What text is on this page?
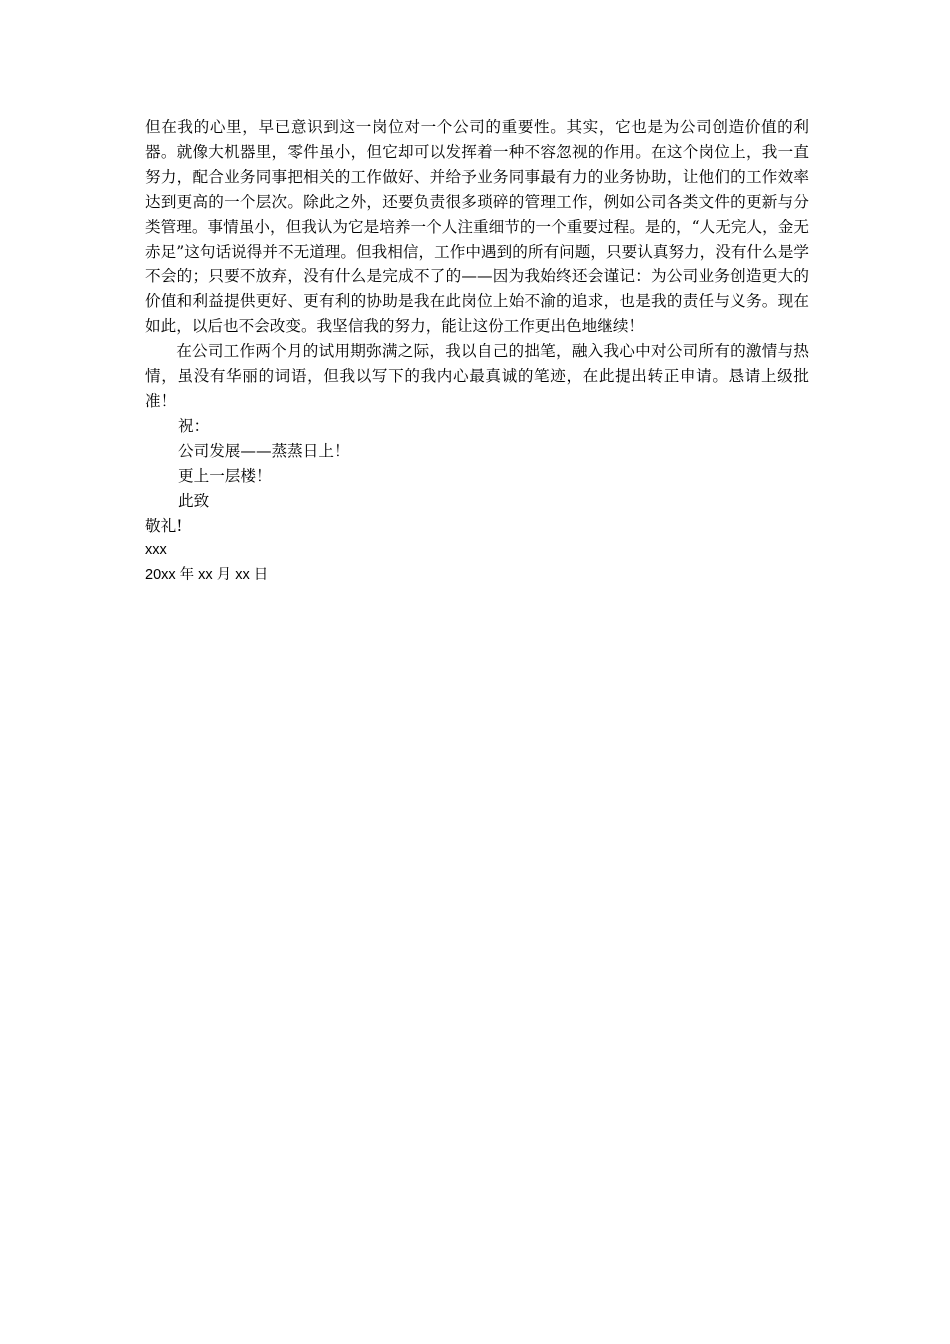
但在我的心里，早已意识到这一岗位对一个公司的重要性。其实，它也是为公司创造价值的利器。就像大机器里，零件虽小，但它却可以发挥着一种不容忽视的作用。在这个岗位上，我一直努力，配合业务同事把相关的工作做好、并给予业务同事最有力的业务协助，让他们的工作效率达到更高的一个层次。除此之外，还要负责很多琐碎的管理工作，例如公司各类文件的更新与分类管理。事情虽小，但我认为它是培养一个人注重细节的一个重要过程。是的，“人无完人，金无赤足”这句话说得并不无道理。但我相信，工作中遇到的所有问题，只要认真努力，没有什么是学不会的；只要不放弃，没有什么是完成不了的——因为我始终还会谨记：为公司业务创造更大的价值和利益提供更好、更有利的协助是我在此岗位上始不渝的追求，也是我的责任与义务。现在如此，以后也不会改变。我坚信我的努力，能让这份工作更出色地继续！

在公司工作两个月的试用期弥满之际，我以自己的拙笔，融入我心中对公司所有的激情与热情，虽没有华丽的词语，但我以写下的我内心最真诚的笔迹，在此提出转正申请。恳请上级批准！

祝：

公司发展——蒸蒸日上！

更上一层楼！

此致

敬礼!

xxx

20xx 年 xx 月 xx 日
